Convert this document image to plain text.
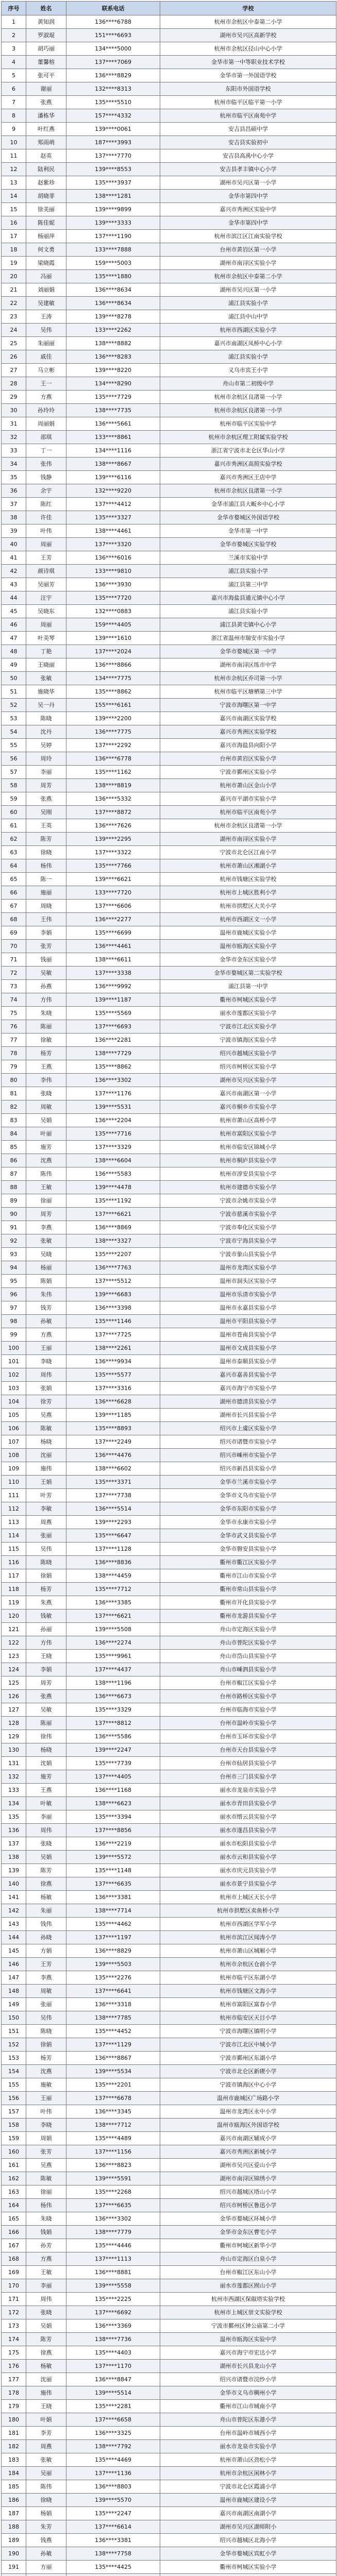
序号	姓名	联系电话	学校
1	黄知润	136****6788	杭州市余杭区中泰第二小学
2	罗淑琨	151****6693	湖州市吴兴区高新学校
3	胡巧丽	134****5000	杭州市余杭区径山中心小学
4	董馨榕	137****7069	金华市第一中等职业技术学校
5	张可平	136****8829	金华市第一外国语学校
6	谢丽	132****8313	东阳市外国语学校
7	张燕	135****5510	杭州市临平区临平第一小学
8	潘栋华	157****4332	杭州市临平区南苑中学
9	叶红燕	139****0061	安吉县昌硕中学
10	郑雨萌	187****3993	安吉县实验初中
11	赵英	137****7770	安吉县高禹中心小学
12	陆利民	139****8553	安吉县孝丰镇中心小学
13	赵紫珍	135****3937	湖州市吴兴区第一小学
14	胡晓菲	138****1281	金华市第四中学
15	徐美丽	139****9899	嘉兴市秀洲区实验中学
16	陈佳妮	139****3333	金华市第四中学
17	杨丽萍	137****1190	杭州市滨江区江南实验学校
18	何文勇	133****7888	台州市黄岩区第一小学
19	梁晓霞	159****5003	湖州市南浔区实验小学
20	冯丽	135****1880	杭州市余杭区中泰第二小学
21	刘丽娟	136****8634	湖州市吴兴区第一小学
22	吴建敏	136****8634	浦江县实验小学
23	王涛	139****8278	浦江县中山中学
24	吴伟	133****2262	杭州市西湖区实验小学
25	朱丽丽	138****8882	嘉兴市南湖区凤桥中心小学
26	戚佳	136****8283	浦江县实验小学
27	马立彬	139****8220	义乌市宾王小学
28	王一	134****8290	舟山市第二初级中学
29	方燕	135****7729	杭州市余杭区良渚第一小学
30	孙玲玲	138****7735	杭州市余杭区良渚第一小学
31	周丽娟	136****5661	杭州市临平区实验中学
32	邵琪	133****8861	杭州市余杭区理工附属实验学校
33	丁一	134****1116	浙江省宁波市北仑区华山小学
34	张伟	138****8667	嘉兴市秀洲区高照实验学校
35	钱静	139****6116	嘉兴市秀洲区王店中学
36	余宇	132****9220	杭州市余杭区良渚第一小学
37	陈红	137****4412	金华市浦江县大畈乡中心小学
38	许佳	135****3327	金华市婺城区外国语学校
39	叶伟	138****4461	金华市第一中学
40	周丽	137****3320	金华市婺城区实验学校
41	王芳	136****6016	兰溪市实验中学
42	颜诗琪	133****9810	浦江县实验小学
43	吴丽芳	136****3930	浦江县第三中学
44	汪宇	135****7720	嘉兴市海盐县通元镇中心小学
45	吴晓东	132****0883	浦江县实验小学
46	周丽	159****4405	浦江县黄宅镇中心小学
47	叶美琴	139****1610	浙江省温州市瑞安市实验小学
48	丁艳	137****2024	金华市婺城区第一中学
49	王晓丽	136****8866	湖州市南浔区练市中学
50	张敏	134****7775	杭州市余杭区乔司第一小学
51	施晓华	135****8862	杭州市临平区塘栖第三中学
52	吴一丹	155****6161	宁波市海曙区第一中学
53	陈晓	139****2200	嘉兴市南湖区实验学校
54	沈丹	136****7775	嘉兴市秀洲区实验学校
55	吴婷	137****2292	嘉兴市海盐县向阳小学
56	周玲	136****6778	台州市黄岩区实验小学
57	李丽	135****1162	宁波市鄞州区实验小学
58	周芳	138****8819	杭州市萧山区金山小学
59	张燕	136****5332	嘉兴市平湖市实验小学
60	吴刚	137****8872	杭州市临平区南苑小学
61	王英	136****7626	杭州市余杭区良渚第一小学
62	陈芳	139****2295	湖州市南浔区实验小学
63	徐晓	137****3322	宁波市北仑区江南小学
64	杨伟	135****7766	杭州市萧山区湘湖小学
65	陈一	139****6621	杭州市钱塘区实验学校
66	施丽	133****7720	杭州市上城区胜利小学
67	周晓	137****6606	杭州市拱墅区大关小学
68	王伟	136****2277	杭州市西湖区文一小学
69	李娟	135****6699	温州市鹿城区实验小学
70	张芳	136****4461	温州市瓯海区实验小学
71	钱丽	138****6611	金华市金东区实验小学
72	吴敏	137****3338	金华市婺城区第二实验学校
73	孙燕	136****9992	浦江县第一中学
74	方伟	139****1187	衢州市柯城区实验小学
75	朱晓	135****5569	丽水市莲都区实验小学
76	陈丽	137****6693	宁波市江北区实验小学
77	徐敏	136****2281	宁波市镇海区实验小学
78	杨芳	138****7729	绍兴市越城区实验小学
79	王燕	135****8862	绍兴市柯桥区实验小学
80	李伟	136****3302	湖州市吴兴区实验小学
81	张晓	137****1176	嘉兴市南湖区第一小学
82	周敏	139****5531	嘉兴市桐乡市实验小学
83	吴娟	136****2204	杭州市萧山区高桥小学
84	叶丽	135****7716	杭州市富阳区实验小学
85	施芳	137****3329	杭州市临安区锦城小学
86	沈燕	138****6604	杭州市桐庐县实验小学
87	陈伟	136****5583	杭州市淳安县实验小学
88	王敏	139****4478	杭州市建德市实验小学
89	徐丽	135****1192	宁波市余姚市实验小学
90	周芳	137****6621	宁波市慈溪市实验小学
91	李燕	136****8869	宁波市奉化区实验小学
92	张敏	138****3327	宁波市宁海县实验小学
93	吴晓	135****2207	宁波市象山县实验小学
94	杨丽	136****7763	温州市龙湾区实验小学
95	陈娟	137****5512	温州市洞头区实验小学
96	朱伟	139****6683	温州市乐清市实验小学
97	钱芳	136****3398	温州市永嘉县实验小学
98	孙敏	135****1146	温州市平阳县实验小学
99	方燕	137****7725	温州市苍南县实验小学
100	王丽	138****2261	温州市文成县实验小学
101	李晓	136****9934	温州市泰顺县实验小学
102	周伟	135****5577	嘉兴市嘉善县实验小学
103	张娟	137****3316	嘉兴市海宁市实验小学
104	徐芳	136****6628	湖州市德清县实验小学
105	吴燕	139****1185	湖州市长兴县实验小学
106	陈敏	135****8893	绍兴市上虞区实验小学
107	杨晓	137****2249	绍兴市诸暨市实验小学
108	沈丽	136****4476	绍兴市嵊州市实验小学
109	施伟	138****6602	绍兴市新昌县实验小学
110	王娟	135****3371	金华市兰溪市实验小学
111	叶芳	137****7738	金华市义乌市实验小学
112	李敏	136****5514	金华市东阳市实验小学
113	周燕	139****2293	金华市永康市实验小学
114	张丽	135****6647	金华市武义县实验小学
115	吴伟	137****1128	金华市磐安县实验小学
116	陈晓	136****8836	衢州市衢江区实验小学
117	徐娟	138****4459	衢州市江山市实验小学
118	杨芳	135****7712	衢州市常山县实验小学
119	朱燕	136****3385	衢州市开化县实验小学
120	钱敏	137****6621	衢州市龙游县实验小学
121	孙丽	139****5508	舟山市定海区实验小学
122	方伟	136****2274	舟山市普陀区实验小学
123	王晓	135****9961	舟山市岱山县实验小学
124	李娟	137****4437	舟山市嵊泗县实验小学
125	周芳	138****1196	台州市椒江区实验小学
126	张燕	136****6673	台州市路桥区实验小学
127	吴敏	135****3329	台州市临海市实验小学
128	陈丽	137****8812	台州市温岭市实验小学
129	徐伟	136****5586	台州市玉环市实验小学
130	杨晓	139****2247	台州市天台县实验小学
131	沈娟	135****7739	台州市仙居县实验小学
132	施芳	137****4405	台州市三门县实验小学
133	王燕	136****1168	丽水市龙泉市实验小学
134	叶敏	138****6623	丽水市青田县实验小学
135	李丽	135****3394	丽水市缙云县实验小学
136	周伟	137****8856	丽水市遂昌县实验小学
137	张晓	136****2219	丽水市松阳县实验小学
138	吴娟	139****5572	丽水市云和县实验小学
139	陈芳	135****1148	丽水市庆元县实验小学
140	徐燕	137****6635	丽水市景宁县实验小学
141	杨敏	136****3381	杭州市上城区天长小学
142	朱丽	138****7714	杭州市拱墅区卖鱼桥小学
143	钱伟	135****4462	杭州市西湖区学军小学
144	孙晓	137****1197	杭州市滨江区闻涛小学
145	方娟	136****8829	杭州市萧山区城厢小学
146	王芳	139****5503	杭州市余杭区仓前小学
147	李燕	135****2276	杭州市临平区东湖小学
148	周敏	137****6641	杭州市钱塘区文海小学
149	张丽	136****3318	杭州市富阳区富春小学
150	吴伟	138****7785	杭州市临安区天目小学
151	陈晓	135****4452	宁波市海曙区镇明小学
152	徐娟	137****1129	宁波市江北区中城小学
153	杨芳	136****8867	宁波市鄞州区东湖小学
154	沈燕	139****5534	宁波市北仑区新碶小学
155	施敏	135****2201	宁波市镇海区中心小学
156	王丽	137****6678	温州市鹿城区广场路小学
157	叶伟	136****3345	温州市龙湾区永中小学
158	李晓	138****7712	温州市瓯海区外国语学校
159	周娟	135****4489	嘉兴市南湖区辅成小学
160	张芳	137****1156	嘉兴市秀洲区新城小学
161	吴燕	136****8823	湖州市吴兴区爱山小学
162	陈敏	139****5591	湖州市南浔区锦绣小学
163	徐丽	135****2268	绍兴市越城区塔山小学
164	杨伟	137****6635	绍兴市柯桥区鲁迅小学
165	朱晓	136****3302	金华市婺城区环城小学
166	钱娟	138****7779	金华市金东区曹宅小学
167	孙芳	135****4446	衢州市柯城区新华小学
168	方燕	137****1113	舟山市定海区白泉小学
169	王敏	136****8881	台州市椒江区东山小学
170	李丽	139****5558	丽水市莲都区囿山小学
171	周伟	135****2225	杭州市西湖区保俶塔实验学校
172	张晓	137****6692	杭州市上城区崇文实验学校
173	吴娟	136****3369	宁波市鄞州区钟公庙第二小学
174	陈芳	138****7736	温州市瓯海区实验中学
175	徐燕	135****4403	嘉兴市海宁市宏达小学
176	杨敏	137****1170	湖州市长兴县龙山小学
177	沈丽	136****8847	绍兴市诸暨市浣纱小学
178	施伟	139****5514	金华市义乌市稠州小学
179	王晓	135****2281	衢州市江山市城南小学
180	叶娟	137****6658	舟山市普陀区东港小学
181	李芳	136****3325	台州市温岭市城西小学
182	周燕	138****7792	丽水市龙泉市实验小学
183	张敏	135****4469	杭州市萧山区劲松小学
184	吴丽	137****1136	杭州市余杭区闲林小学
185	陈伟	136****8803	宁波市北仑区霞浦小学
186	徐晓	139****5570	温州市鹿城区建设小学
187	杨娟	135****2247	嘉兴市南湖区南湖小学
188	朱芳	137****6614	湖州市吴兴区湖师附小
189	钱燕	136****3381	绍兴市越城区北海小学
190	孙敏	138****7758	金华市婺城区宾虹小学
191	方丽	135****4425	衢州市柯城区实验小学
